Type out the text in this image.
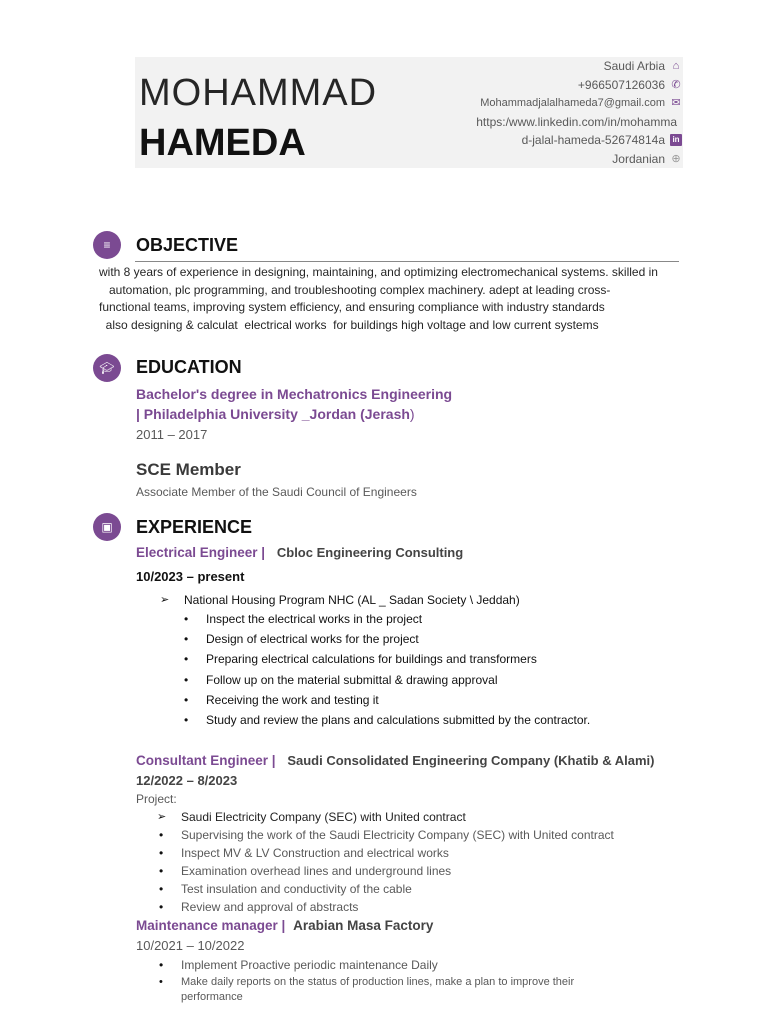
MOHAMMAD
HAMEDA
Saudi Arbia ⌂
+966507126036 ✆
Mohammadjalalhameda7@gmail.com ✉
https:/www.linkedin.com/in/mohamma
d-jalal-hameda-52674814a in
Jordanian ⊕
≡	OBJECTIVE
with 8 years of experience in designing, maintaining, and optimizing electromechanical systems. skilled in
automation, plc programming, and troubleshooting complex machinery. adept at leading cross-
functional teams, improving system efficiency, and ensuring compliance with industry standards
also designing & calculat  electrical works  for buildings high voltage and low current systems
🎓︎	EDUCATION
Bachelor's degree in Mechatronics Engineering
| Philadelphia University _Jordan (Jerash)
2011 – 2017
SCE Member
Associate Member of the Saudi Council of Engineers
▣	EXPERIENCE
Electrical Engineer | Cbloc Engineering Consulting
10/2023 – present
➢ National Housing Program NHC (AL _ Sadan Society \ Jeddah)
• Inspect the electrical works in the project
• Design of electrical works for the project
• Preparing electrical calculations for buildings and transformers
• Follow up on the material submittal & drawing approval
• Receiving the work and testing it
• Study and review the plans and calculations submitted by the contractor.
Consultant Engineer | Saudi Consolidated Engineering Company (Khatib & Alami)
12/2022 – 8/2023
Project:
➢ Saudi Electricity Company (SEC) with United contract
• Supervising the work of the Saudi Electricity Company (SEC) with United contract
• Inspect MV & LV Construction and electrical works
• Examination overhead lines and underground lines
• Test insulation and conductivity of the cable
• Review and approval of abstracts
Maintenance manager | Arabian Masa Factory
10/2021 – 10/2022
• Implement Proactive periodic maintenance Daily
• Make daily reports on the status of production lines, make a plan to improve their
performance
